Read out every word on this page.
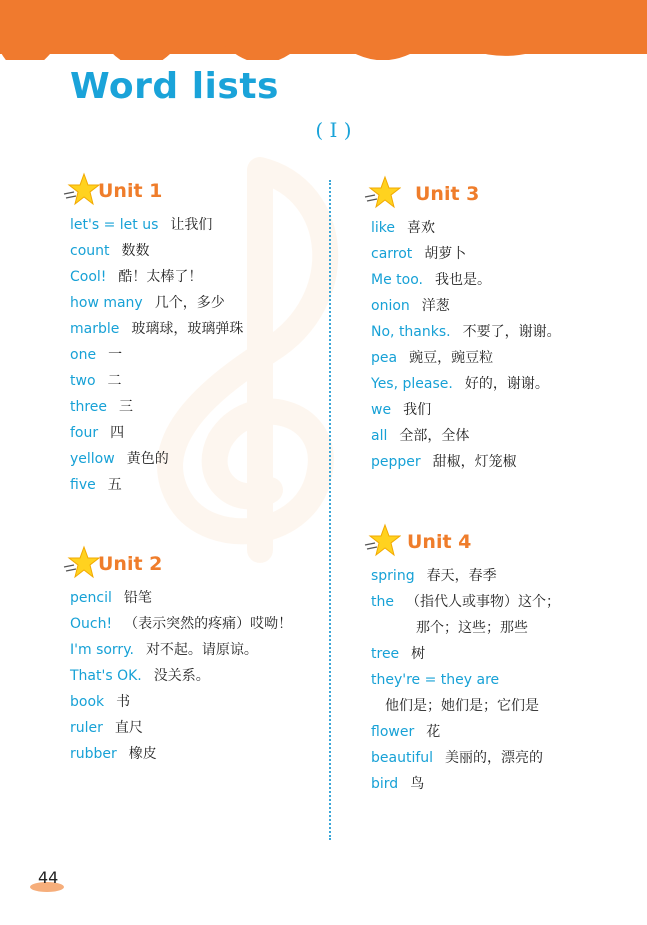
Word lists
( I )
Unit 1
let's = let us 让我们
count 数数
Cool! 酷！太棒了！
how many 几个，多少
marble 玻璃球，玻璃弹珠
one 一
two 二
three 三
four 四
yellow 黄色的
five 五
Unit 2
pencil 铅笔
Ouch! （表示突然的疼痛）哎呦！
I'm sorry. 对不起。请原谅。
That's OK. 没关系。
book 书
ruler 直尺
rubber 橡皮
Unit 3
like 喜欢
carrot 胡萝卜
Me too. 我也是。
onion 洋葱
No, thanks. 不要了，谢谢。
pea 豌豆，豌豆粒
Yes, please. 好的，谢谢。
we 我们
all 全部，全体
pepper 甜椒，灯笼椒
Unit 4
spring 春天，春季
the （指代人或事物）这个；
那个；这些；那些
tree 树
they're = they are
他们是；她们是；它们是
flower 花
beautiful 美丽的，漂亮的
bird 鸟
44
